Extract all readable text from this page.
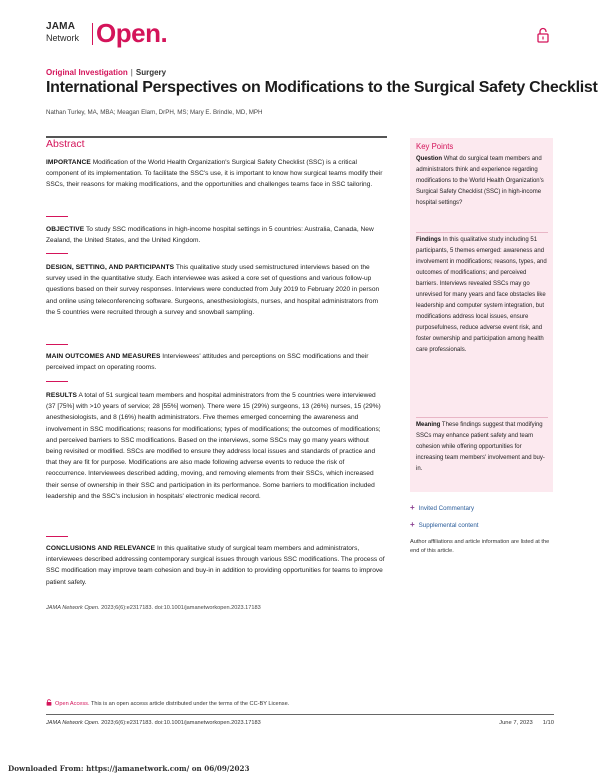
JAMA
Network Open.
Original Investigation | Surgery
International Perspectives on Modifications to the Surgical Safety Checklist
Nathan Turley, MA, MBA; Meagan Elam, DrPH, MS; Mary E. Brindle, MD, MPH
Abstract
IMPORTANCE Modification of the World Health Organization's Surgical Safety Checklist (SSC) is a critical component of its implementation. To facilitate the SSC's use, it is important to know how surgical teams modify their SSCs, their reasons for making modifications, and the opportunities and challenges teams face in SSC tailoring.
OBJECTIVE To study SSC modifications in high-income hospital settings in 5 countries: Australia, Canada, New Zealand, the United States, and the United Kingdom.
DESIGN, SETTING, AND PARTICIPANTS This qualitative study used semistructured interviews based on the survey used in the quantitative study. Each interviewee was asked a core set of questions and various follow-up questions based on their survey responses. Interviews were conducted from July 2019 to February 2020 in person and online using teleconferencing software. Surgeons, anesthesiologists, nurses, and hospital administrators from the 5 countries were recruited through a survey and snowball sampling.
MAIN OUTCOMES AND MEASURES Interviewees' attitudes and perceptions on SSC modifications and their perceived impact on operating rooms.
RESULTS A total of 51 surgical team members and hospital administrators from the 5 countries were interviewed (37 [75%] with >10 years of service; 28 [55%] women). There were 15 (29%) surgeons, 13 (26%) nurses, 15 (29%) anesthesiologists, and 8 (16%) health administrators. Five themes emerged concerning the awareness and involvement in SSC modifications; reasons for modifications; types of modifications; the outcomes of modifications; and perceived barriers to SSC modifications. Based on the interviews, some SSCs may go many years without being revisited or modified. SSCs are modified to ensure they address local issues and standards of practice and that they are fit for purpose. Modifications are also made following adverse events to reduce the risk of reoccurrence. Interviewees described adding, moving, and removing elements from their SSCs, which increased their sense of ownership in their SSC and participation in its performance. Some barriers to modification included leadership and the SSC's inclusion in hospitals' electronic medical record.
CONCLUSIONS AND RELEVANCE In this qualitative study of surgical team members and administrators, interviewees described addressing contemporary surgical issues through various SSC modifications. The process of SSC modification may improve team cohesion and buy-in in addition to providing opportunities for teams to improve patient safety.
JAMA Network Open. 2023;6(6):e2317183. doi:10.1001/jamanetworkopen.2023.17183
Key Points
Question What do surgical team members and administrators think and experience regarding modifications to the World Health Organization's Surgical Safety Checklist (SSC) in high-income hospital settings?
Findings In this qualitative study including 51 participants, 5 themes emerged: awareness and involvement in modifications; reasons, types, and outcomes of modifications; and perceived barriers. Interviews revealed SSCs may go unrevised for many years and face obstacles like leadership and computer system integration, but modifications address local issues, ensure purposefulness, reduce adverse event risk, and foster ownership and participation among health care professionals.
Meaning These findings suggest that modifying SSCs may enhance patient safety and team cohesion while offering opportunities for increasing team members' involvement and buy-in.
+ Invited Commentary
+ Supplemental content
Author affiliations and article information are listed at the end of this article.
Open Access. This is an open access article distributed under the terms of the CC-BY License.
JAMA Network Open. 2023;6(6):e2317183. doi:10.1001/jamanetworkopen.2023.17183	June 7, 2023 1/10
Downloaded From: https://jamanetwork.com/ on 06/09/2023
